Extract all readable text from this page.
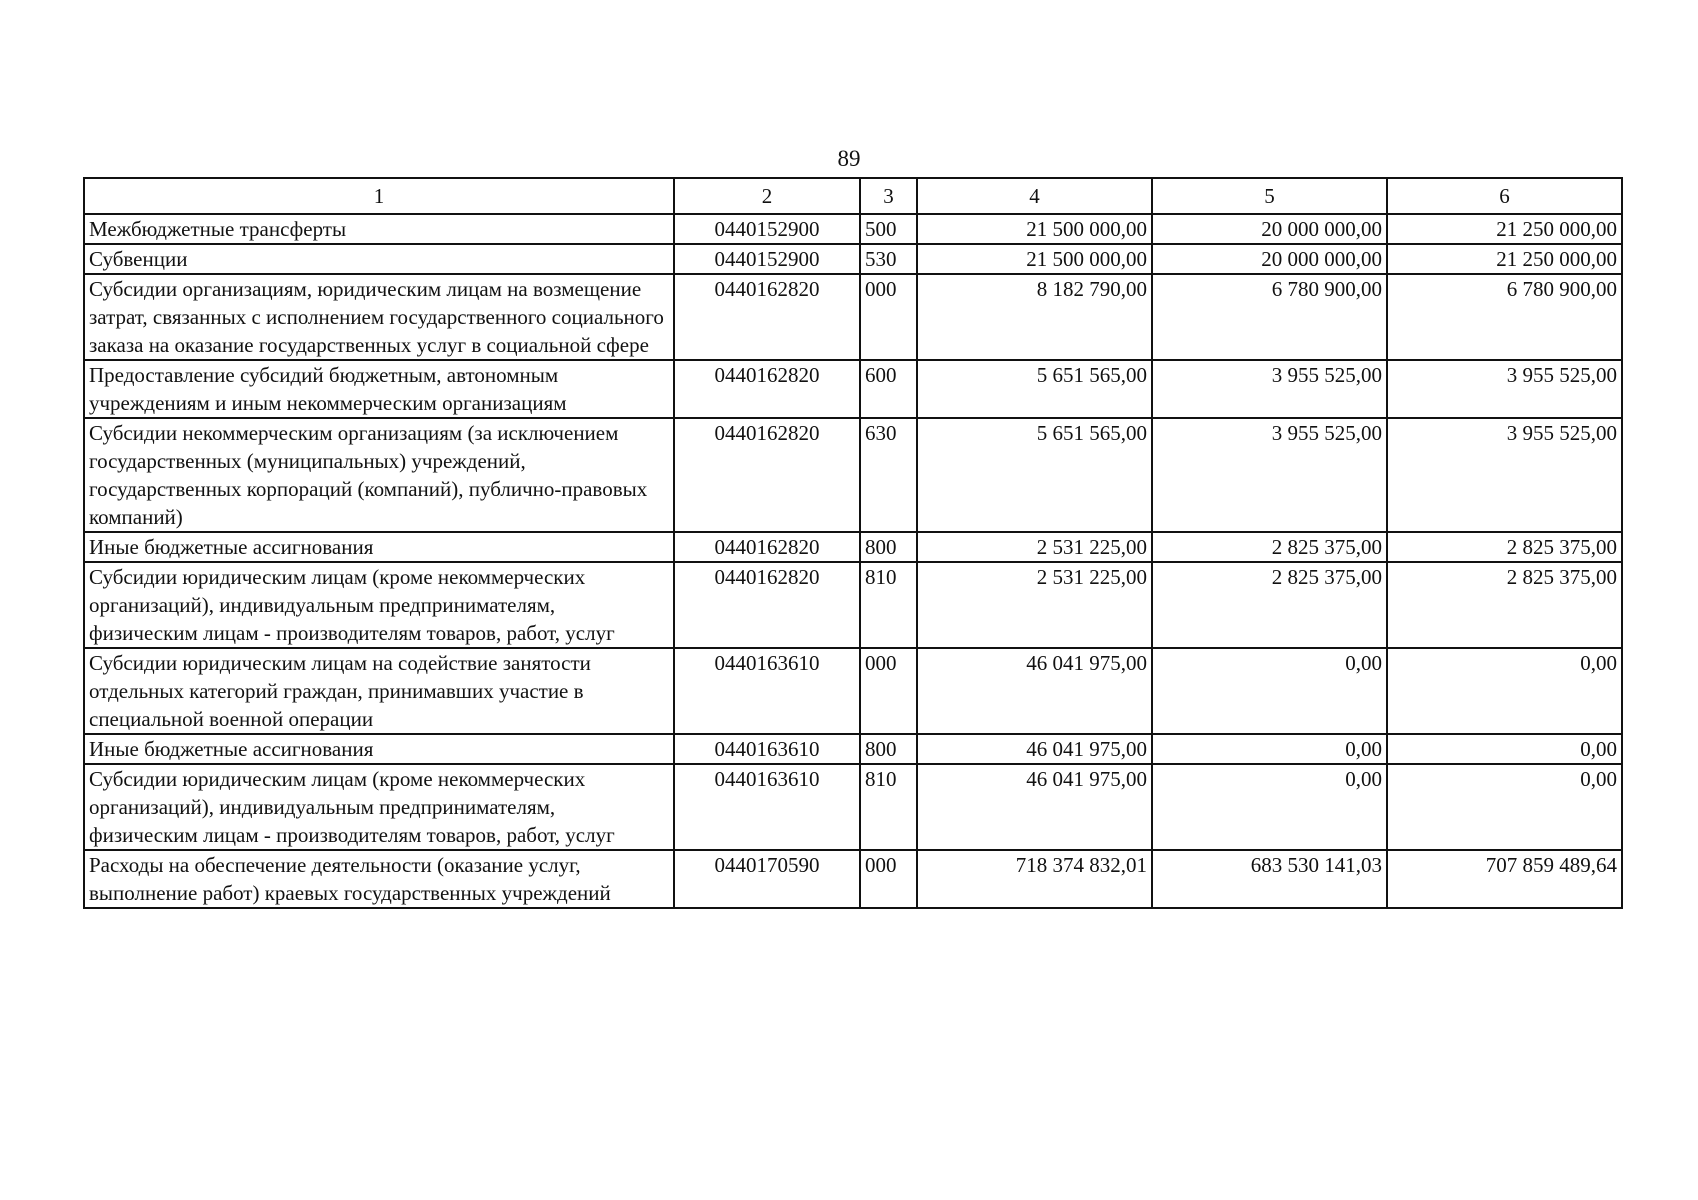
89
1	2	3	4	5	6
Межбюджетные трансферты	0440152900	500	21 500 000,00	20 000 000,00	21 250 000,00
Субвенции	0440152900	530	21 500 000,00	20 000 000,00	21 250 000,00
Субсидии организациям, юридическим лицам на возмещение затрат, связанных с исполнением государственного социального заказа на оказание государственных услуг в социальной сфере	0440162820	000	8 182 790,00	6 780 900,00	6 780 900,00
Предоставление субсидий бюджетным, автономным учреждениям и иным некоммерческим организациям	0440162820	600	5 651 565,00	3 955 525,00	3 955 525,00
Субсидии некоммерческим организациям (за исключением государственных (муниципальных) учреждений, государственных корпораций (компаний), публично-правовых компаний)	0440162820	630	5 651 565,00	3 955 525,00	3 955 525,00
Иные бюджетные ассигнования	0440162820	800	2 531 225,00	2 825 375,00	2 825 375,00
Субсидии юридическим лицам (кроме некоммерческих организаций), индивидуальным предпринимателям, физическим лицам - производителям товаров, работ, услуг	0440162820	810	2 531 225,00	2 825 375,00	2 825 375,00
Субсидии юридическим лицам на содействие занятости отдельных категорий граждан, принимавших участие в специальной военной операции	0440163610	000	46 041 975,00	0,00	0,00
Иные бюджетные ассигнования	0440163610	800	46 041 975,00	0,00	0,00
Субсидии юридическим лицам (кроме некоммерческих организаций), индивидуальным предпринимателям, физическим лицам - производителям товаров, работ, услуг	0440163610	810	46 041 975,00	0,00	0,00
Расходы на обеспечение деятельности (оказание услуг, выполнение работ) краевых государственных учреждений	0440170590	000	718 374 832,01	683 530 141,03	707 859 489,64
